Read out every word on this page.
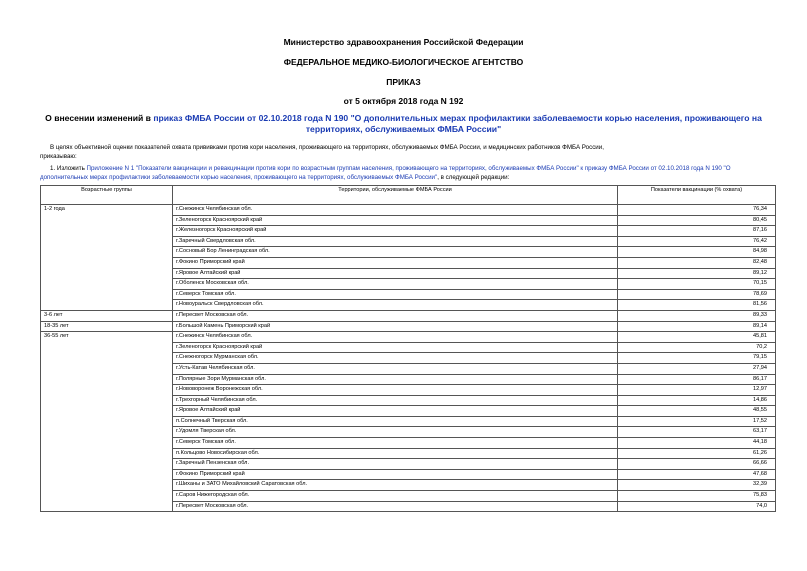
Министерство здравоохранения Российской Федерации
ФЕДЕРАЛЬНОЕ МЕДИКО-БИОЛОГИЧЕСКОЕ АГЕНТСТВО
ПРИКАЗ
от 5 октября 2018 года N 192
О внесении изменений в приказ ФМБА России от 02.10.2018 года N 190 "О дополнительных мерах профилактики заболеваемости корью населения, проживающего на территориях, обслуживаемых ФМБА России"
В целях объективной оценки показателей охвата прививками против кори населения, проживающего на территориях, обслуживаемых ФМБА России, и медицинских работников ФМБА России,
приказываю:
1. Изложить Приложение N 1 "Показатели вакцинации и ревакцинации против кори по возрастным группам населения, проживающего на территориях, обслуживаемых ФМБА России" к приказу ФМБА России от 02.10.2018 года N 190 "О дополнительных мерах профилактики заболеваемости корью населения, проживающего на территориях, обслуживаемых ФМБА России", в следующей редакции:
Возрастные группы	Территории, обслуживаемые ФМБА России	Показатели вакцинации (% охвата)
1-2 года	г.Снежинск Челябинская обл.	76,34
	г.Зеленогорск Красноярский край	80,45
	г.Железногорск Красноярский край	87,16
	г.Заречный Свердловская обл.	76,42
	г.Сосновый Бор Ленинградская обл.	84,98
	г.Фокино Приморский край	82,48
	г.Яровое Алтайский край	89,12
	г.Оболенск Московская обл.	70,15
	г.Северск Томская обл.	78,69
	г.Новоуральск Свердловская обл.	81,56
3-6 лет	г.Пересвет Московская обл.	89,33
18-35 лет	г.Большой Камень Приморский край	89,14
36-55 лет	г.Снежинск Челябинская обл.	45,81
	г.Зеленогорск Красноярский край	70,2
	г.Снежногорск Мурманская обл.	79,15
	г.Усть-Катав Челябинская обл.	27,94
	г.Полярные Зори Мурманская обл.	86,17
	г.Нововоронеж Воронежская обл.	12,97
	г.Трехгорный Челябинская обл.	14,86
	г.Яровое Алтайский край	48,55
	п.Солнечный Тверская обл.	17,52
	г.Удомля Тверская обл.	63,17
	г.Северск Томская обл.	44,18
	п.Кольцово Новосибирская обл.	61,26
	г.Заречный Пензенская обл.	66,66
	г.Фокино Приморский край	47,68
	г.Шиханы и ЗАТО Михайловский Саратовская обл.	32,39
	г.Саров Нижегородская обл.	75,83
	г.Пересвет Московская обл.	74,0
